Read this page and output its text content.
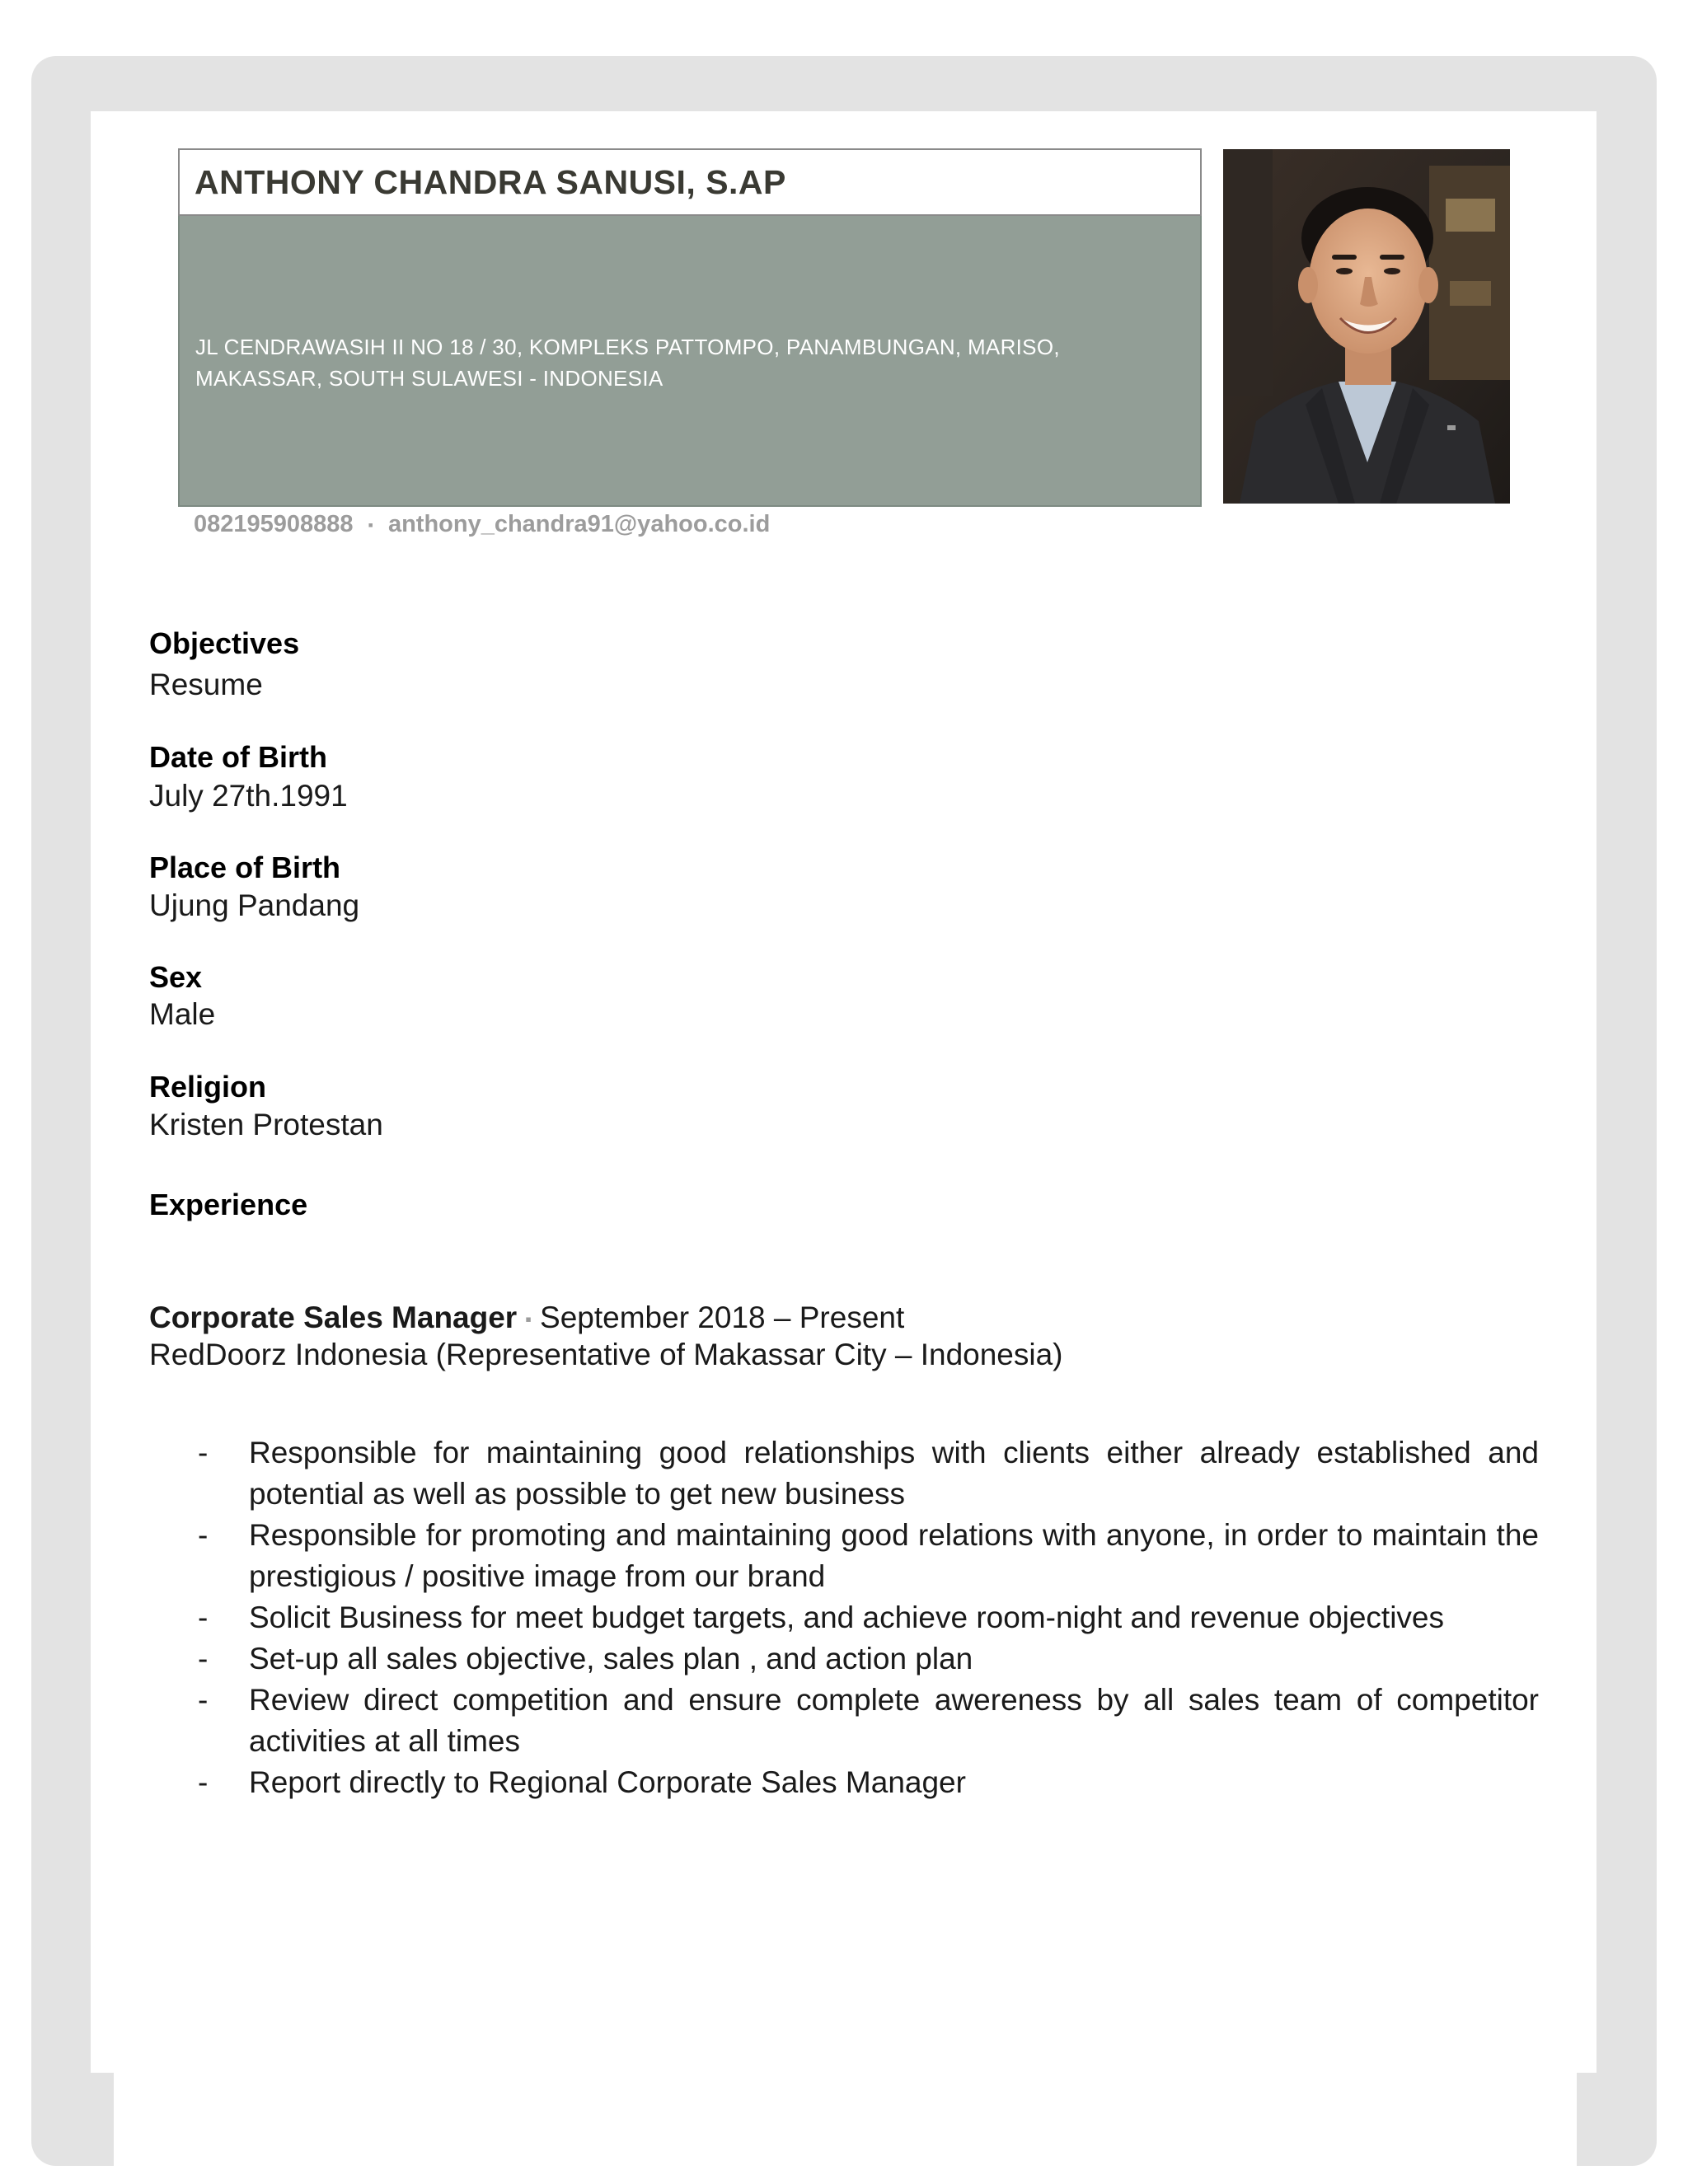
ANTHONY CHANDRA SANUSI, S.AP
JL CENDRAWASIH II NO 18 / 30, KOMPLEKS PATTOMPO, PANAMBUNGAN, MARISO, MAKASSAR, SOUTH SULAWESI - INDONESIA
082195908888 ▪ anthony_chandra91@yahoo.co.id
Objectives
Resume
Date of Birth
July 27th.1991
Place of Birth
Ujung Pandang
Sex
Male
Religion
Kristen Protestan
Experience
Corporate Sales Manager ▪ September 2018 – Present
RedDoorz Indonesia (Representative of Makassar City – Indonesia)
- Responsible for maintaining good relationships with clients either already established and potential as well as possible to get new business
- Responsible for promoting and maintaining good relations with anyone, in order to maintain the prestigious / positive image from our brand
- Solicit Business for meet budget targets, and achieve room-night and revenue objectives
- Set-up all sales objective, sales plan , and action plan
- Review direct competition and ensure complete awereness by all sales team of competitor activities at all times
- Report directly to Regional Corporate Sales Manager
